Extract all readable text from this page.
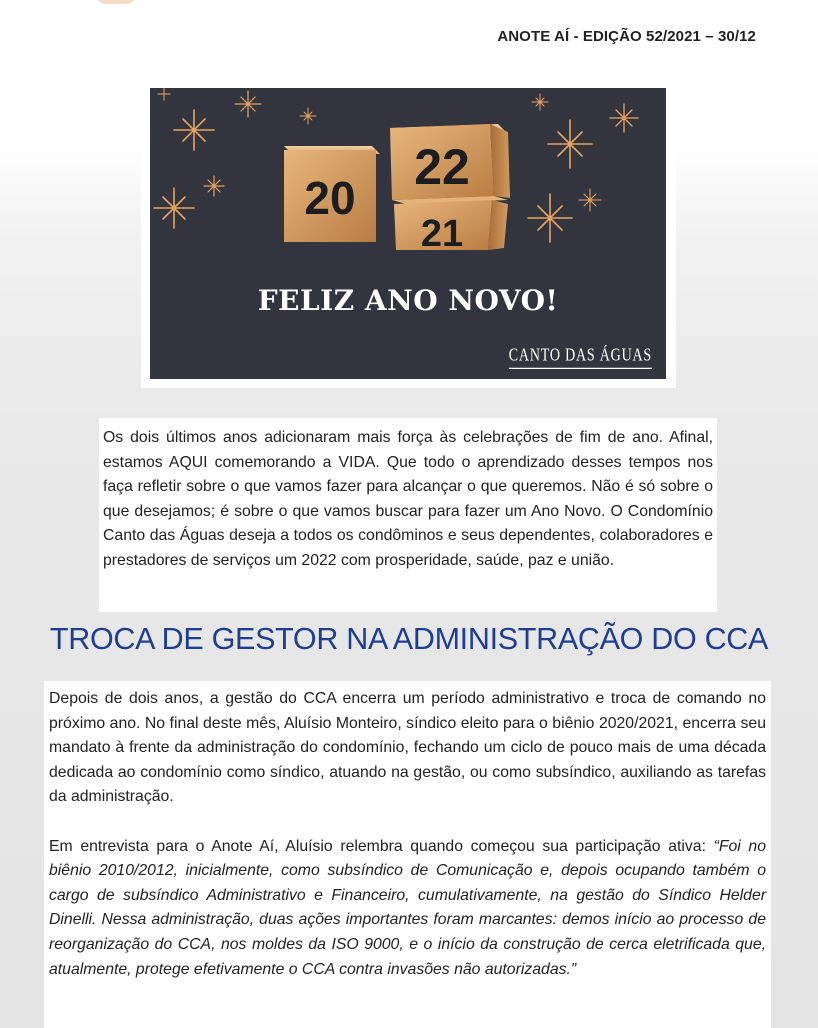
ANOTE AÍ - EDIÇÃO 52/2021 – 30/12
20
22
21
FELIZ ANO NOVO!
CANTO DAS ÁGUAS

Os dois últimos anos adicionaram mais força às celebrações de fim de ano. Afinal, estamos AQUI comemorando a VIDA. Que todo o aprendizado desses tempos nos faça refletir sobre o que vamos fazer para alcançar o que queremos. Não é só sobre o que desejamos; é sobre o que vamos buscar para fazer um Ano Novo. O Condomínio Canto das Águas deseja a todos os condôminos e seus dependentes, colaboradores e prestadores de serviços um 2022 com prosperidade, saúde, paz e união.

TROCA DE GESTOR NA ADMINISTRAÇÃO DO CCA

Depois de dois anos, a gestão do CCA encerra um período administrativo e troca de comando no próximo ano. No final deste mês, Aluísio Monteiro, síndico eleito para o biênio 2020/2021, encerra seu mandato à frente da administração do condomínio, fechando um ciclo de pouco mais de uma década dedicada ao condomínio como síndico, atuando na gestão, ou como subsíndico, auxiliando as tarefas da administração.

Em entrevista para o Anote Aí, Aluísio relembra quando começou sua participação ativa: “Foi no biênio 2010/2012, inicialmente, como subsíndico de Comunicação e, depois ocupando também o cargo de subsíndico Administrativo e Financeiro, cumulativamente, na gestão do Síndico Helder Dinelli. Nessa administração, duas ações importantes foram marcantes: demos início ao processo de reorganização do CCA, nos moldes da ISO 9000, e o início da construção de cerca eletrificada que, atualmente, protege efetivamente o CCA contra invasões não autorizadas.”
